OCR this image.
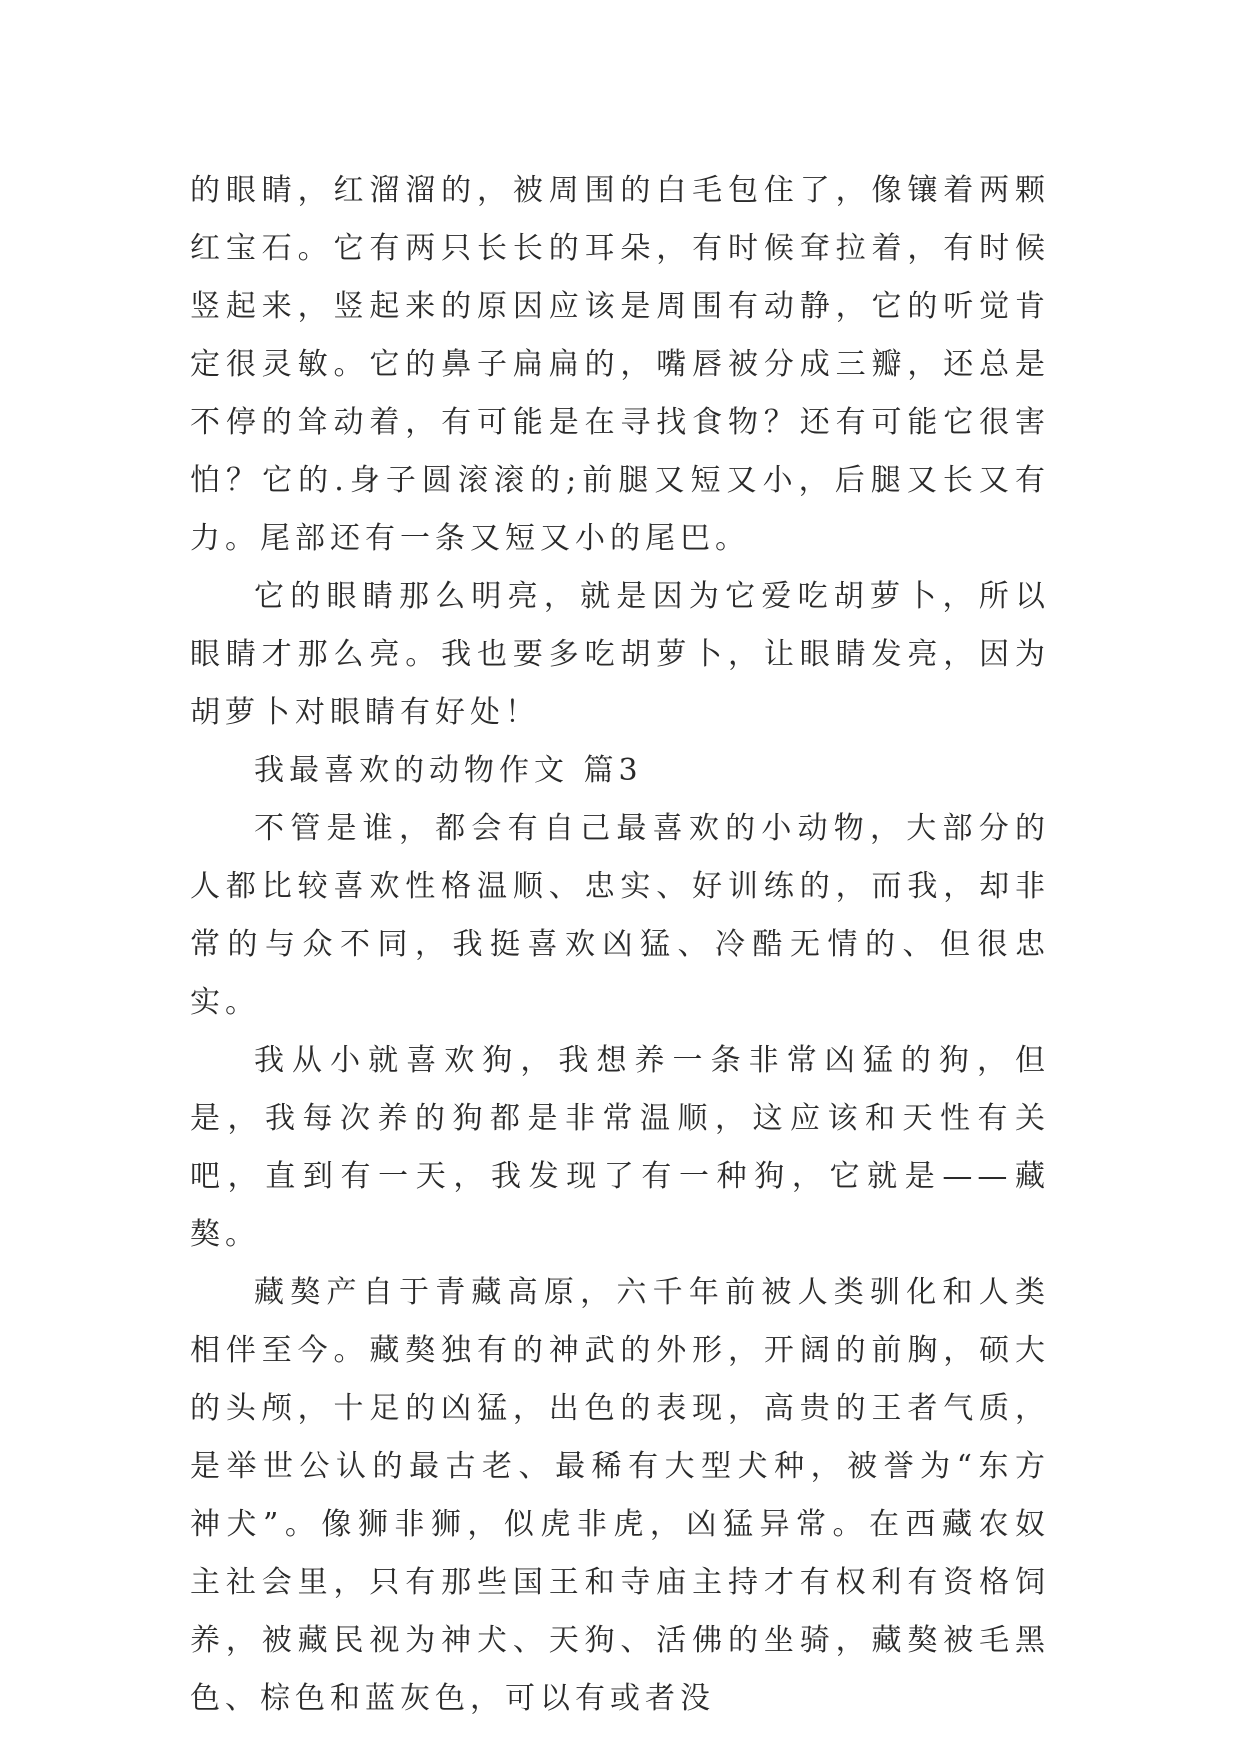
的眼睛，红溜溜的，被周围的白毛包住了，像镶着两颗红宝石。它有两只长长的耳朵，有时候耷拉着，有时候竖起来，竖起来的原因应该是周围有动静，它的听觉肯定很灵敏。它的鼻子扁扁的，嘴唇被分成三瓣，还总是不停的耸动着，有可能是在寻找食物？还有可能它很害怕？它的.身子圆滚滚的;前腿又短又小，后腿又长又有力。尾部还有一条又短又小的尾巴。

它的眼睛那么明亮，就是因为它爱吃胡萝卜，所以眼睛才那么亮。我也要多吃胡萝卜，让眼睛发亮，因为胡萝卜对眼睛有好处！

我最喜欢的动物作文 篇3

不管是谁，都会有自己最喜欢的小动物，大部分的人都比较喜欢性格温顺、忠实、好训练的，而我，却非常的与众不同，我挺喜欢凶猛、冷酷无情的、但很忠实。

我从小就喜欢狗，我想养一条非常凶猛的狗，但是，我每次养的狗都是非常温顺，这应该和天性有关吧，直到有一天，我发现了有一种狗，它就是——藏獒。

藏獒产自于青藏高原，六千年前被人类驯化和人类相伴至今。藏獒独有的神武的外形，开阔的前胸，硕大的头颅，十足的凶猛，出色的表现，高贵的王者气质，是举世公认的最古老、最稀有大型犬种，被誉为“东方神犬”。像狮非狮，似虎非虎，凶猛异常。在西藏农奴主社会里，只有那些国王和寺庙主持才有权利有资格饲养，被藏民视为神犬、天狗、活佛的坐骑，藏獒被毛黑色、棕色和蓝灰色，可以有或者没
